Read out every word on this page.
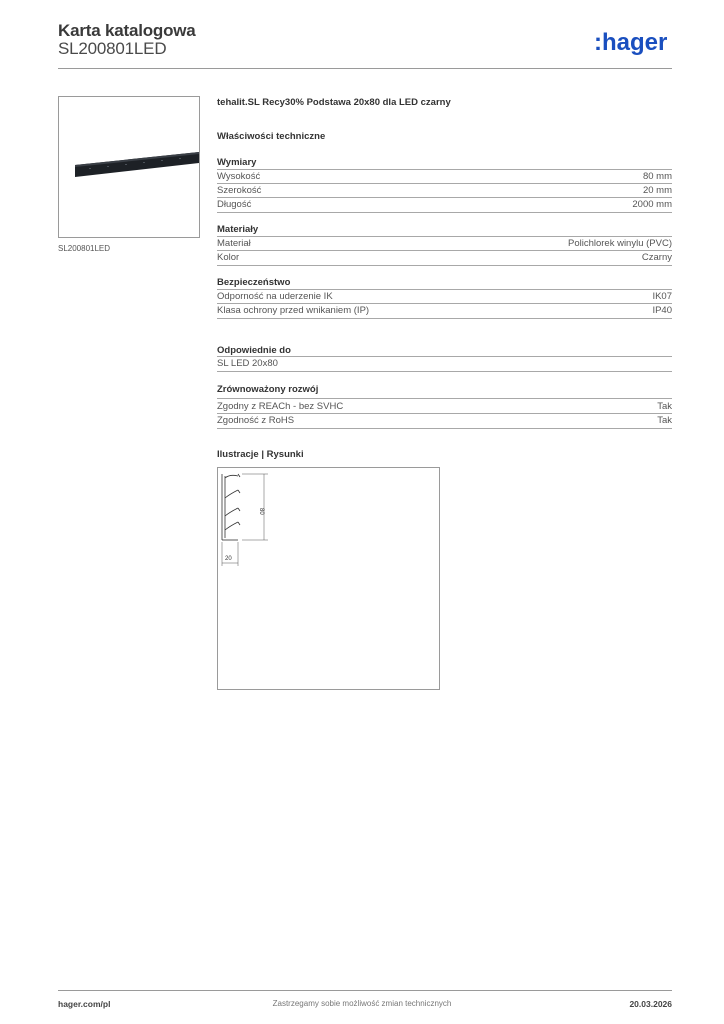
Karta katalogowa
SL200801LED	:hager
SL200801LED
tehalit.SL Recy30% Podstawa 20x80 dla LED czarny
Właściwości techniczne
Wymiary
Wysokość	80 mm
Szerokość	20 mm
Długość	2000 mm
Materiały
Materiał	Polichlorek winylu (PVC)
Kolor	Czarny
Bezpieczeństwo
Odporność na uderzenie IK	IK07
Klasa ochrony przed wnikaniem (IP)	IP40
Odpowiednie do
SL LED 20x80
Zrównoważony rozwój
Zgodny z REACh - bez SVHC	Tak
Zgodność z RoHS	Tak
Ilustracje | Rysunki
80
20
hager.com/pl	Zastrzegamy sobie możliwość zmian technicznych	20.03.2026
